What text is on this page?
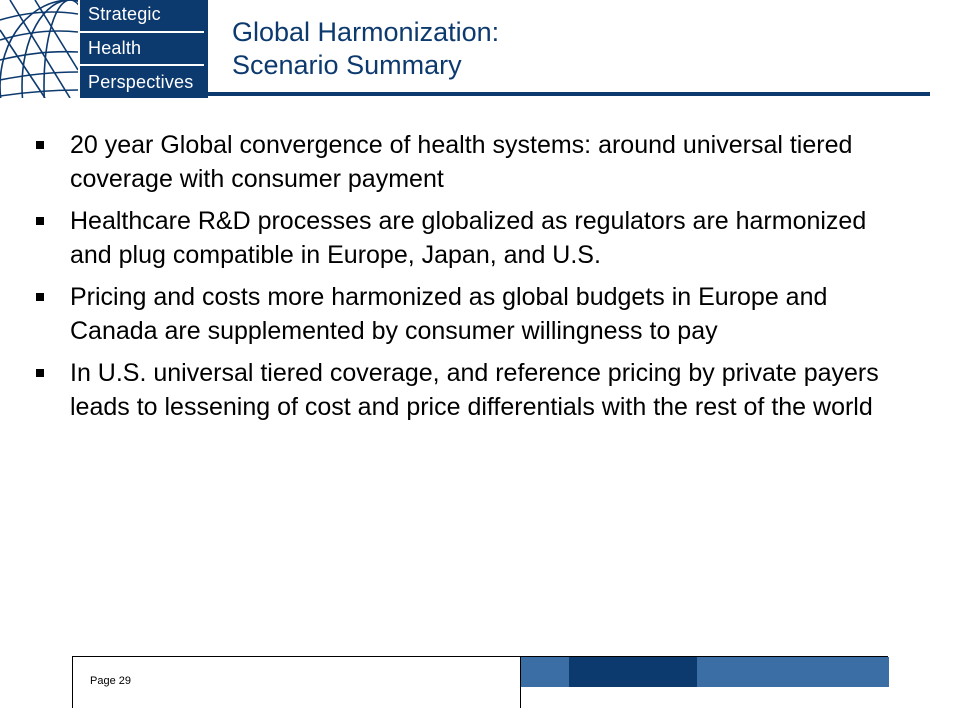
Strategic
Health
Perspectives
Global Harmonization:
Scenario Summary
20 year Global convergence of health systems: around universal tiered coverage with consumer payment
Healthcare R&D processes are globalized as regulators are harmonized and plug compatible in Europe, Japan, and U.S.
Pricing and costs more harmonized as global budgets in Europe and Canada are supplemented by consumer willingness to pay
In U.S. universal tiered coverage, and reference pricing by private payers leads to lessening of cost and price differentials with the rest of the world
Page 29
